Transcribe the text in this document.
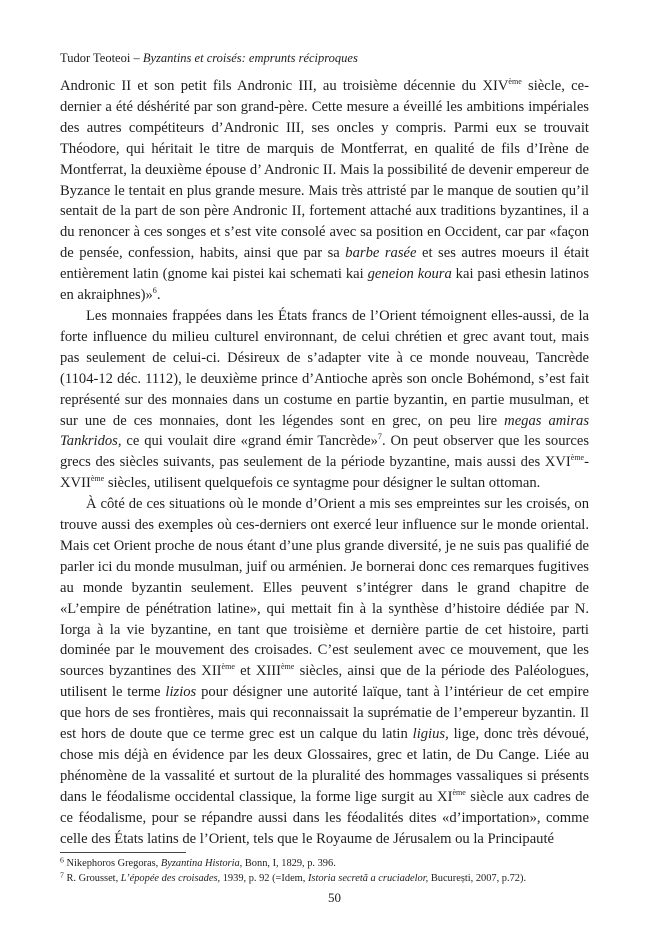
Tudor Teoteoi – Byzantins et croisés: emprunts réciproques

Andronic II et son petit fils Andronic III, au troisième décennie du XIVème siècle, ce-dernier a été déshérité par son grand-père. Cette mesure a éveillé les ambitions impériales des autres compétiteurs d’Andronic III, ses oncles y compris. Parmi eux se trouvait Théodore, qui héritait le titre de marquis de Montferrat, en qualité de fils d’Irène de Montferrat, la deuxième épouse d’ Andronic II. Mais la possibilité de devenir empereur de Byzance le tentait en plus grande mesure. Mais très attristé par le manque de soutien qu’il sentait de la part de son père Andronic II, fortement attaché aux traditions byzantines, il a du renoncer à ces songes et s’est vite consolé avec sa position en Occident, car par «façon de pensée, confession, habits, ainsi que par sa barbe rasée et ses autres moeurs il était entièrement latin (gnome kai pistei kai schemati kai geneion koura kai pasi ethesin latinos en akraiphnes)»$^6$.

Les monnaies frappées dans les États francs de l’Orient témoignent elles-aussi, de la forte influence du milieu culturel environnant, de celui chrétien et grec avant tout, mais pas seulement de celui-ci. Désireux de s’adapter vite à ce monde nouveau, Tancrède (1104-12 déc. 1112), le deuxième prince d’Antioche après son oncle Bohémond, s’est fait représenté sur des monnaies dans un costume en partie byzantin, en partie musulman, et sur une de ces monnaies, dont les légendes sont en grec, on peu lire megas amiras Tankridos, ce qui voulait dire «grand émir Tancrède»$^7$. On peut observer que les sources grecs des siècles suivants, pas seulement de la période byzantine, mais aussi des XVIème-XVIIème siècles, utilisent quelquefois ce syntagme pour désigner le sultan ottoman.

À côté de ces situations où le monde d’Orient a mis ses empreintes sur les croisés, on trouve aussi des exemples où ces-derniers ont exercé leur influence sur le monde oriental. Mais cet Orient proche de nous étant d’une plus grande diversité, je ne suis pas qualifié de parler ici du monde musulman, juif ou arménien. Je bornerai donc ces remarques fugitives au monde byzantin seulement. Elles peuvent s’intégrer dans le grand chapitre de «L’empire de pénétration latine», qui mettait fin à la synthèse d’histoire dédiée par N. Iorga à la vie byzantine, en tant que troisième et dernière partie de cet histoire, parti dominée par le mouvement des croisades. C’est seulement avec ce mouvement, que les sources byzantines des XIIème et XIIIème siècles, ainsi que de la période des Paléologues, utilisent le terme lizios pour désigner une autorité laïque, tant à l’intérieur de cet empire que hors de ses frontières, mais qui reconnaissait la suprématie de l’empereur byzantin. Il est hors de doute que ce terme grec est un calque du latin ligius, lige, donc très dévoué, chose mis déjà en évidence par les deux Glossaires, grec et latin, de Du Cange. Liée au phénomène de la vassalité et surtout de la pluralité des hommages vassaliques si présents dans le féodalisme occidental classique, la forme lige surgit au XIème siècle aux cadres de ce féodalisme, pour se répandre aussi dans les féodalités dites «d’importation», comme celle des États latins de l’Orient, tels que le Royaume de Jérusalem ou la Principauté

$^6$ Nikephoros Gregoras, Byzantina Historia, Bonn, I, 1829, p. 396.
$^7$ R. Grousset, L’épopée des croisades, 1939, p. 92 (=Idem, Istoria secretă a cruciadelor, București, 2007, p.72).
50
